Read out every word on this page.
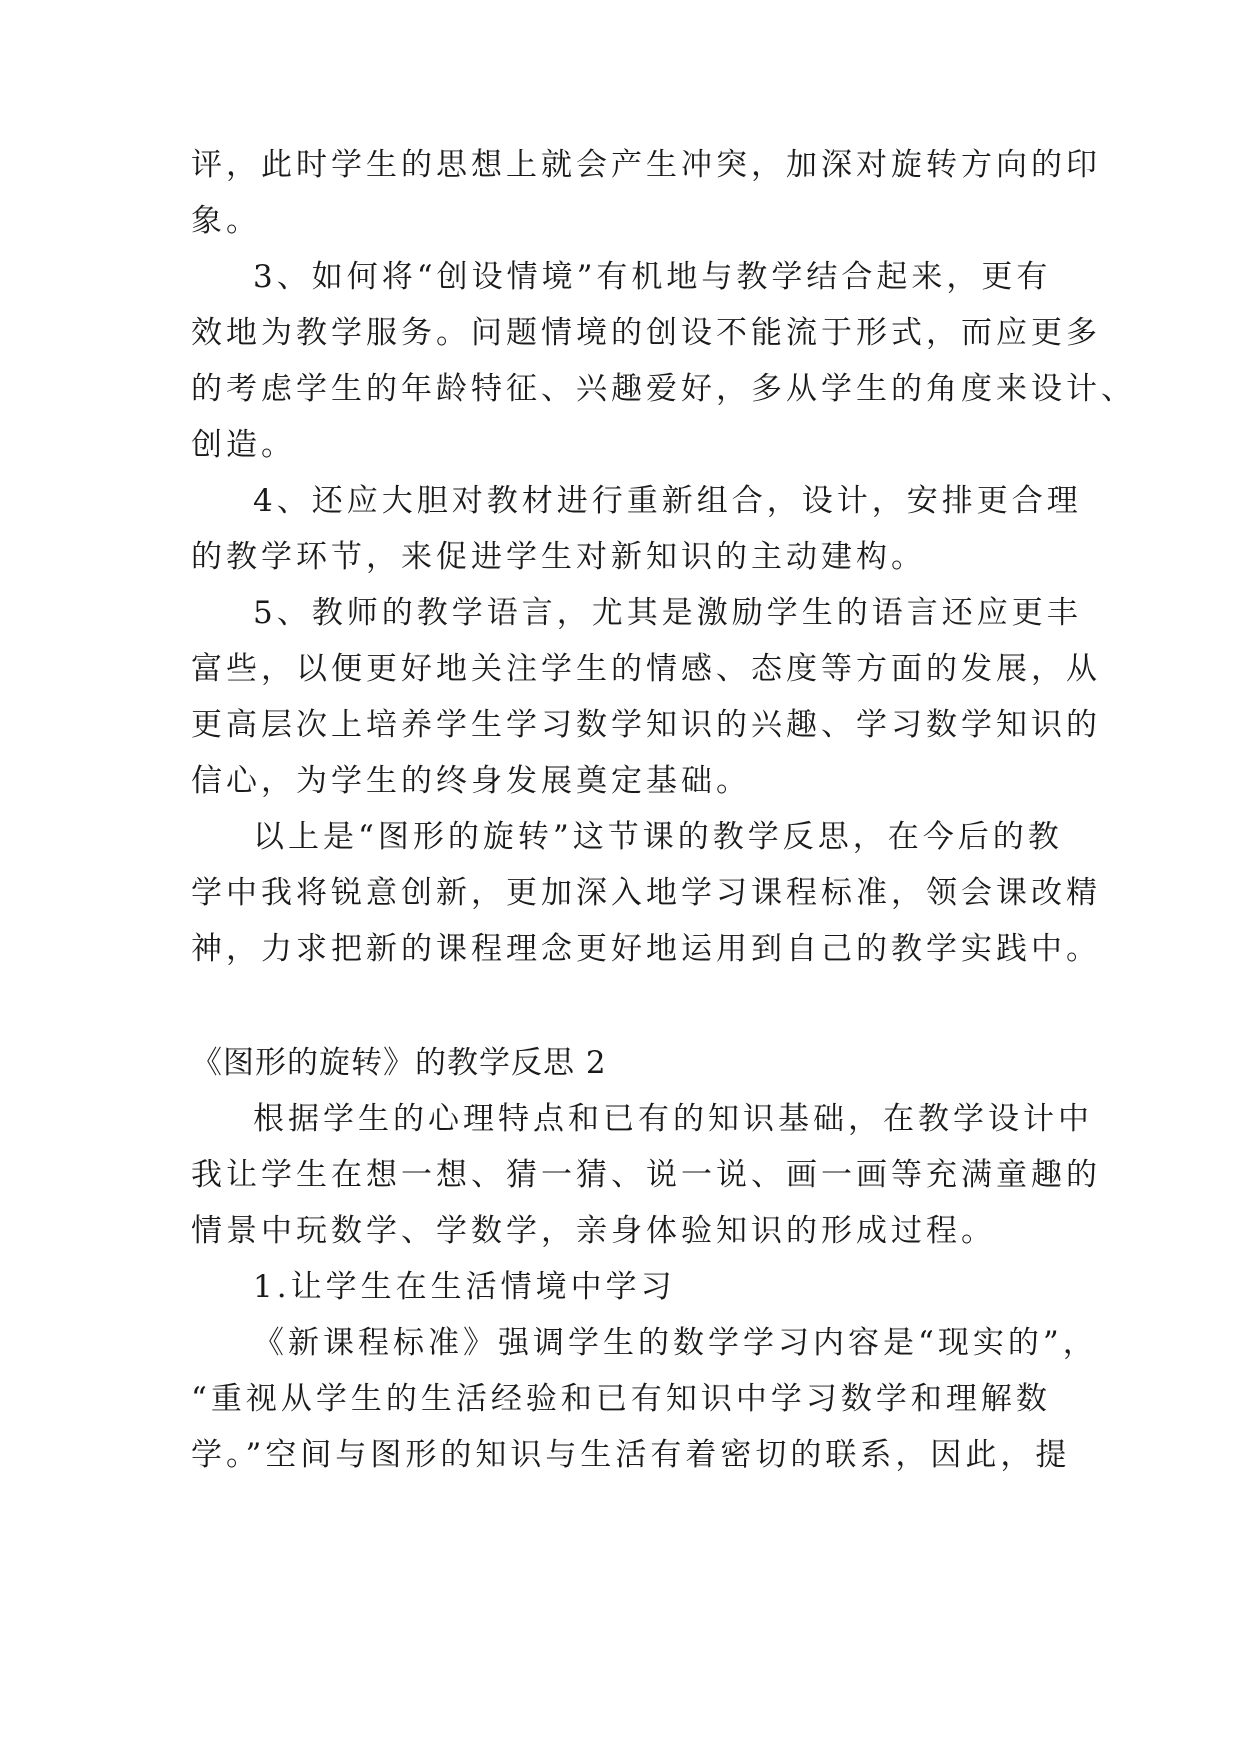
评，此时学生的思想上就会产生冲突，加深对旋转方向的印
象。
3、如何将“创设情境”有机地与教学结合起来，更有
效地为教学服务。问题情境的创设不能流于形式，而应更多
的考虑学生的年龄特征、兴趣爱好，多从学生的角度来设计、
创造。
4、还应大胆对教材进行重新组合，设计，安排更合理
的教学环节，来促进学生对新知识的主动建构。
5、教师的教学语言，尤其是激励学生的语言还应更丰
富些，以便更好地关注学生的情感、态度等方面的发展，从
更高层次上培养学生学习数学知识的兴趣、学习数学知识的
信心，为学生的终身发展奠定基础。
以上是“图形的旋转”这节课的教学反思，在今后的教
学中我将锐意创新，更加深入地学习课程标准，领会课改精
神，力求把新的课程理念更好地运用到自己的教学实践中。
《图形的旋转》的教学反思 2
根据学生的心理特点和已有的知识基础，在教学设计中
我让学生在想一想、猜一猜、说一说、画一画等充满童趣的
情景中玩数学、学数学，亲身体验知识的形成过程。
1.让学生在生活情境中学习
《新课程标准》强调学生的数学学习内容是“现实的”，
“重视从学生的生活经验和已有知识中学习数学和理解数
学。”空间与图形的知识与生活有着密切的联系，因此，提
